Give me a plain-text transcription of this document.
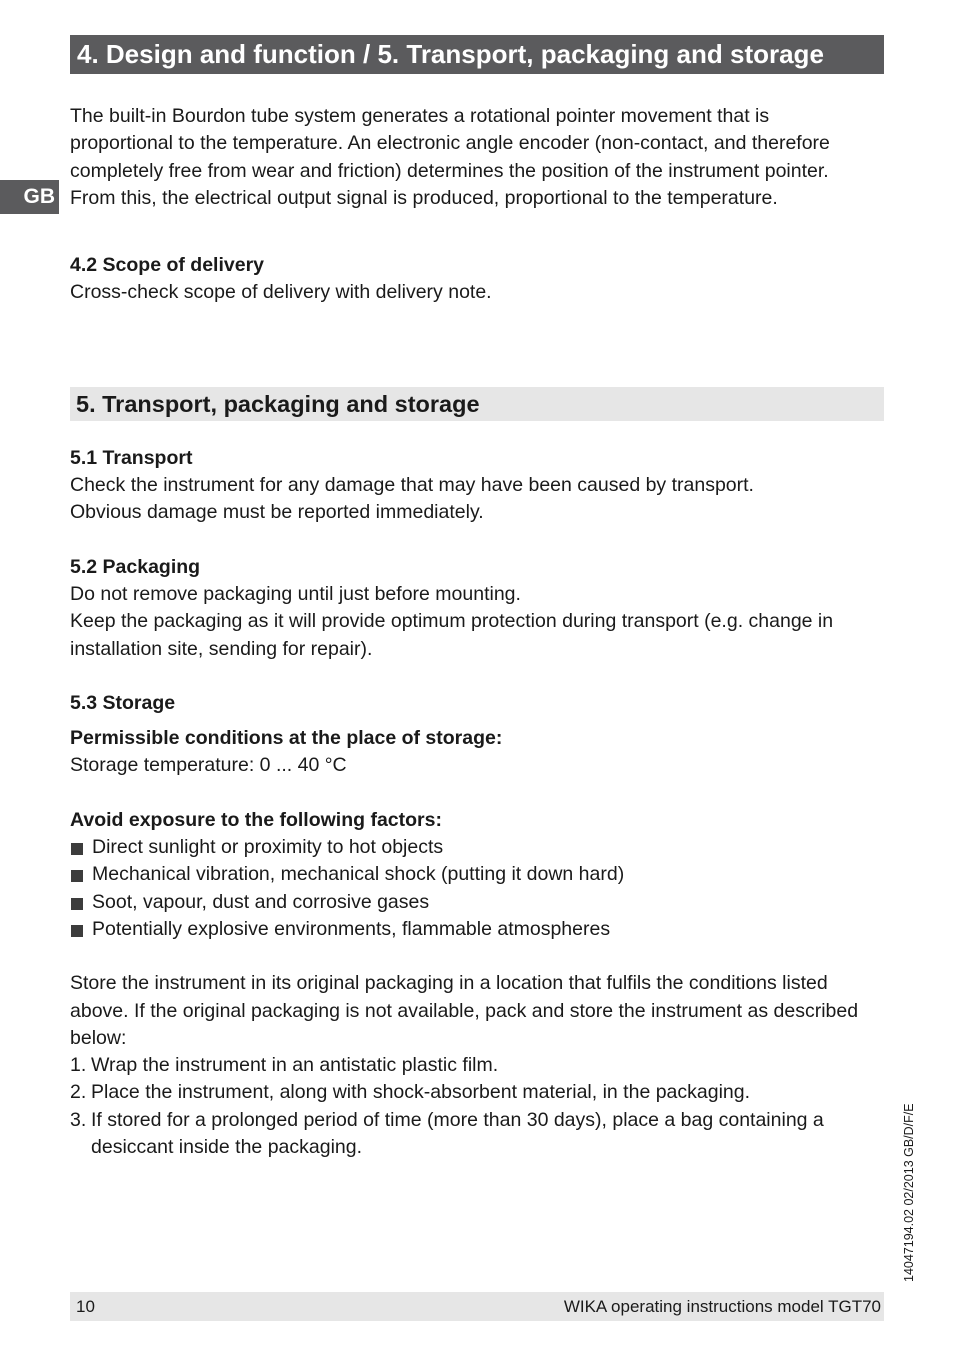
4. Design and function / 5. Transport, packaging and storage
GB

The built-in Bourdon tube system generates a rotational pointer movement that is

proportional to the temperature. An electronic angle encoder (non-contact, and therefore

completely free from wear and friction) determines the position of the instrument pointer.

From this, the electrical output signal is produced, proportional to the temperature.

4.2 Scope of delivery

Cross-check scope of delivery with delivery note.

5. Transport, packaging and storage

5.1 Transport

Check the instrument for any damage that may have been caused by transport.

Obvious damage must be reported immediately.

5.2 Packaging

Do not remove packaging until just before mounting.

Keep the packaging as it will provide optimum protection during transport (e.g. change in

installation site, sending for repair).

5.3 Storage

Permissible conditions at the place of storage:

Storage temperature: 0 ... 40 °C

Avoid exposure to the following factors:

Direct sunlight or proximity to hot objects
Mechanical vibration, mechanical shock (putting it down hard)
Soot, vapour, dust and corrosive gases
Potentially explosive environments, flammable atmospheres

Store the instrument in its original packaging in a location that fulfils the conditions listed

above. If the original packaging is not available, pack and store the instrument as described

below:

1. Wrap the instrument in an antistatic plastic film.

2. Place the instrument, along with shock-absorbent material, in the packaging.

3. If stored for a prolonged period of time (more than 30 days), place a bag containing a

desiccant inside the packaging.	14047194.02 02/2013 GB/D/F/E
10	WIKA operating instructions model TGT70
